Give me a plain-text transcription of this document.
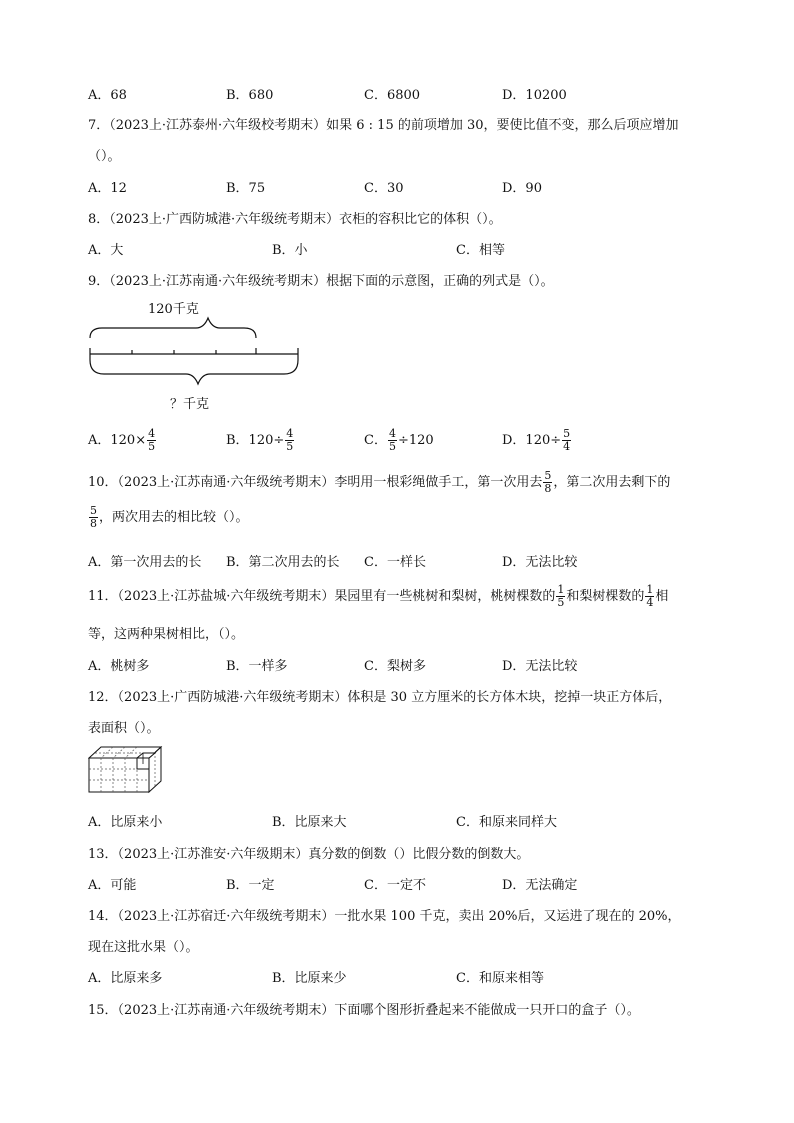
A．68	B．680	C．6800	D．10200
7．（2023上·江苏泰州·六年级校考期末）如果 6 : 15 的前项增加 30，要使比值不变，那么后项应增加
（）。
A．12	B．75	C．30	D．90
8．（2023上·广西防城港·六年级统考期末）衣柜的容积比它的体积（）。
A．大	B．小	C．相等
9．（2023上·江苏南通·六年级统考期末）根据下面的示意图，正确的列式是（）。
120千克
？千克
A．$120\times \frac{4}{5}$	B．$120\div \frac{4}{5}$	C． $\frac{4}{5} \div 120$	D．$120\div \frac{5}{4}$
10．（2023上·江苏南通·六年级统考期末）李明用一根彩绳做手工，第一次用去 $\frac{5}{8}$ ，第二次用去剩下的
$\frac{5}{8}$ ，两次用去的相比较（）。
A．第一次用去的长 B．第二次用去的长 C．一样长	D．无法比较
11．（2023上·江苏盐城·六年级统考期末）果园里有一些桃树和梨树，桃树棵数的 $\frac{1}{5}$ 和梨树棵数的 $\frac{1}{4}$ 相
等，这两种果树相比，（）。
A．桃树多	B．一样多	C．梨树多	D．无法比较
12．（2023上·广西防城港·六年级统考期末）体积是 30 立方厘米的长方体木块，挖掉一块正方体后，
表面积（）。
A．比原来小	B．比原来大	C．和原来同样大
13．（2023上·江苏淮安·六年级期末）真分数的倒数（）比假分数的倒数大。
A．可能	B．一定	C．一定不	D．无法确定
14．（2023上·江苏宿迁·六年级统考期末）一批水果 100 千克，卖出 20%后，又运进了现在的 20%，
现在这批水果（）。
A．比原来多	B．比原来少	C．和原来相等
15．（2023上·江苏南通·六年级统考期末）下面哪个图形折叠起来不能做成一只开口的盒子（）。
